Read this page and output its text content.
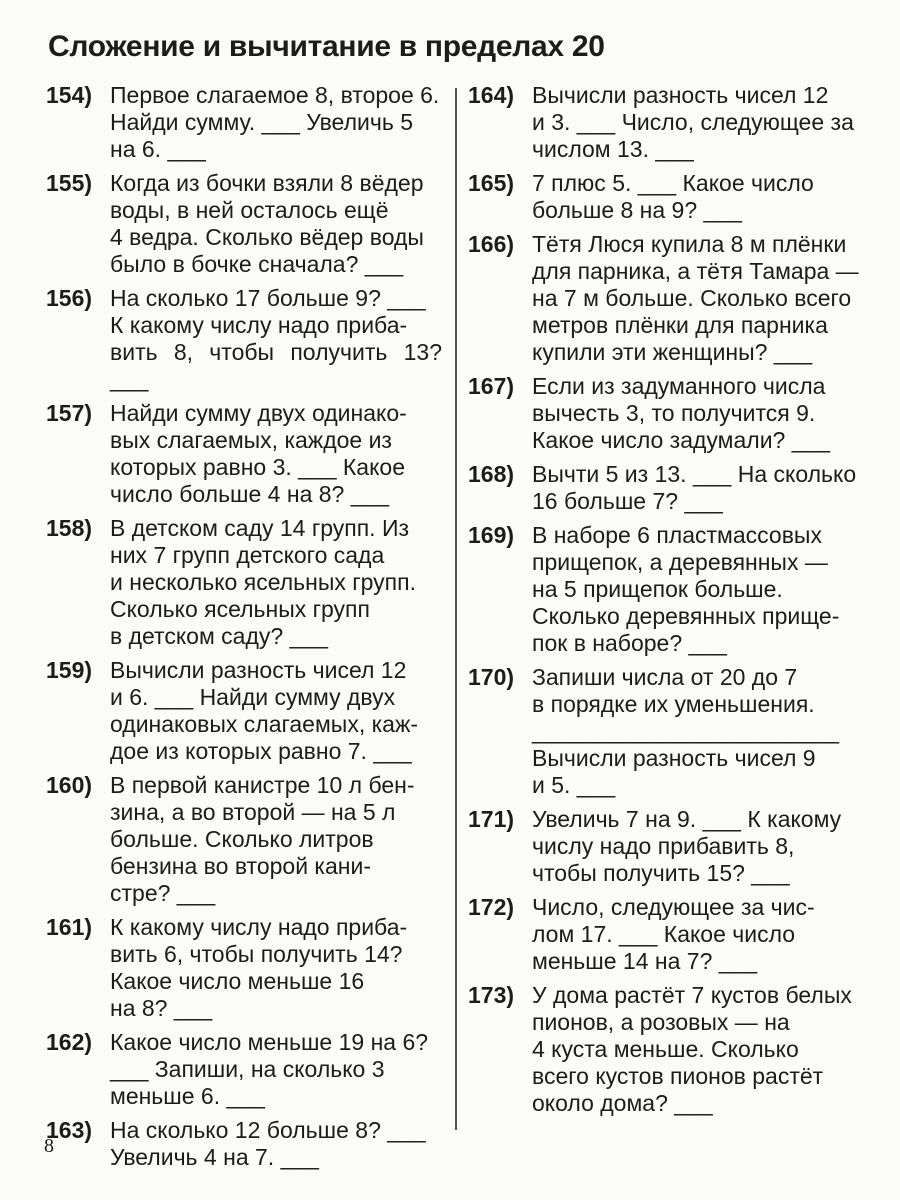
Сложение и вычитание в пределах 20
154) Первое слагаемое 8, второе 6.
Найди сумму. ___ Увеличь 5
на 6. ___
155) Когда из бочки взяли 8 вёдер
воды, в ней осталось ещё
4 ведра. Сколько вёдер воды
было в бочке сначала? ___
156) На сколько 17 больше 9? ___
К какому числу надо приба-
вить 8, чтобы получить 13? ___
157) Найди сумму двух одинако-
вых слагаемых, каждое из
которых равно 3. ___ Какое
число больше 4 на 8? ___
158) В детском саду 14 групп. Из
них 7 групп детского сада
и несколько ясельных групп.
Сколько ясельных групп
в детском саду? ___
159) Вычисли разность чисел 12
и 6. ___ Найди сумму двух
одинаковых слагаемых, каж-
дое из которых равно 7. ___
160) В первой канистре 10 л бен-
зина, а во второй — на 5 л
больше. Сколько литров
бензина во второй кани-
стре? ___
161) К какому числу надо приба-
вить 6, чтобы получить 14?
Какое число меньше 16
на 8? ___
162) Какое число меньше 19 на 6?
___ Запиши, на сколько 3
меньше 6. ___
163) На сколько 12 больше 8? ___
Увеличь 4 на 7. ___
164) Вычисли разность чисел 12
и 3. ___ Число, следующее за
числом 13. ___
165) 7 плюс 5. ___ Какое число
больше 8 на 9? ___
166) Тётя Люся купила 8 м плёнки
для парника, а тётя Тамара —
на 7 м больше. Сколько всего
метров плёнки для парника
купили эти женщины? ___
167) Если из задуманного числа
вычесть 3, то получится 9.
Какое число задумали? ___
168) Вычти 5 из 13. ___ На сколько
16 больше 7? ___
169) В наборе 6 пластмассовых
прищепок, а деревянных —
на 5 прищепок больше.
Сколько деревянных прище-
пок в наборе? ___
170) Запиши числа от 20 до 7
в порядке их уменьшения.
________________________
Вычисли разность чисел 9
и 5. ___
171) Увеличь 7 на 9. ___ К какому
числу надо прибавить 8,
чтобы получить 15? ___
172) Число, следующее за чис-
лом 17. ___ Какое число
меньше 14 на 7? ___
173) У дома растёт 7 кустов белых
пионов, а розовых — на
4 куста меньше. Сколько
всего кустов пионов растёт
около дома? ___
8
